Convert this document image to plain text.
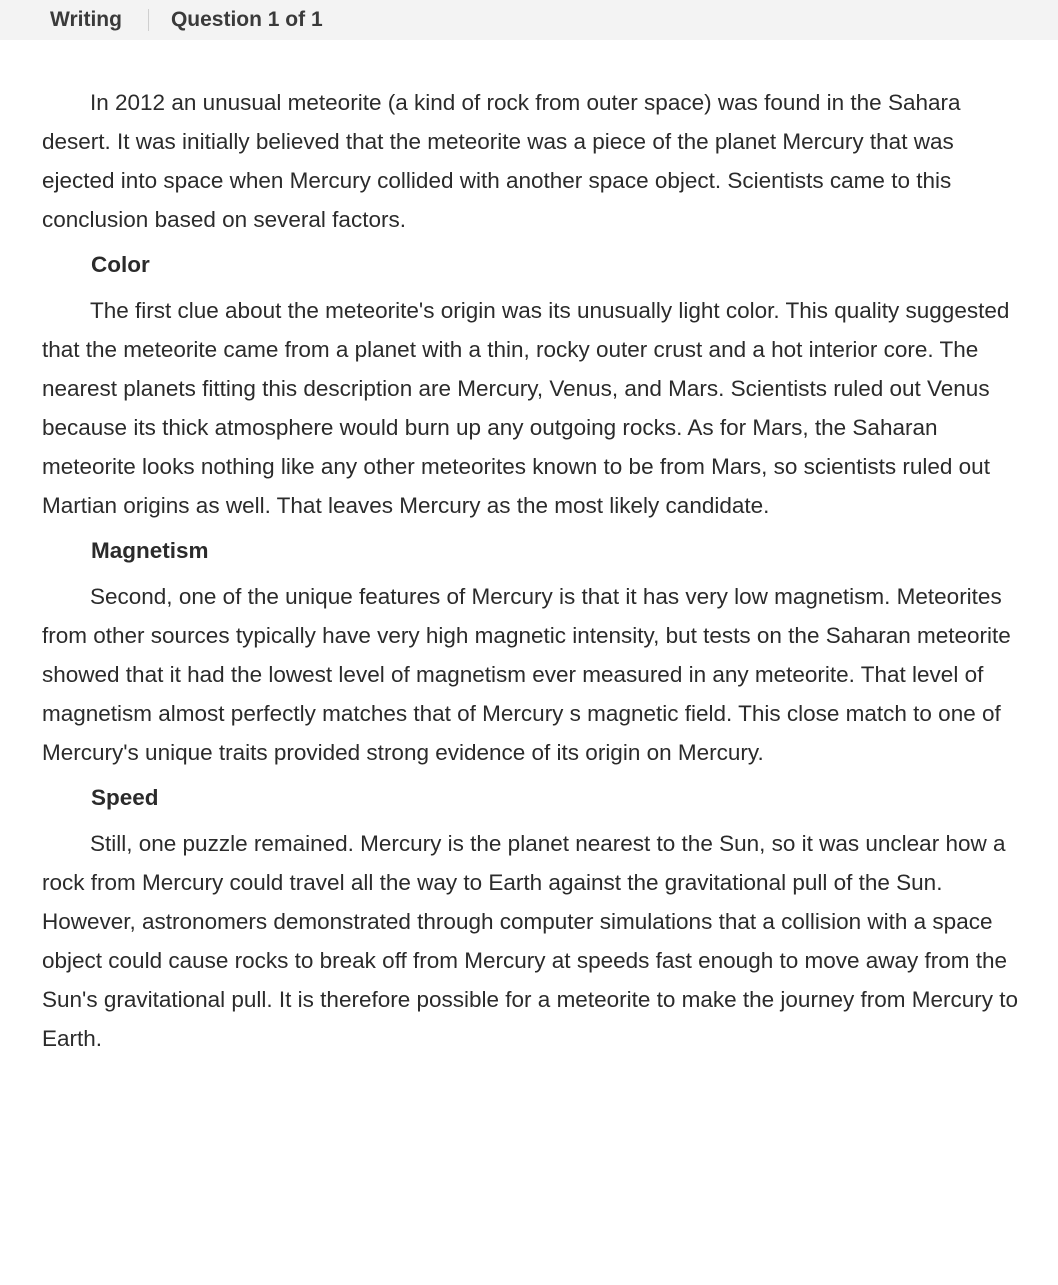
Writing Question 1 of 1

In 2012 an unusual meteorite (a kind of rock from outer space) was found in the Sahara desert. It was initially believed that the meteorite was a piece of the planet Mercury that was ejected into space when Mercury collided with another space object. Scientists came to this conclusion based on several factors.

Color

The first clue about the meteorite's origin was its unusually light color. This quality suggested that the meteorite came from a planet with a thin, rocky outer crust and a hot interior core. The nearest planets fitting this description are Mercury, Venus, and Mars. Scientists ruled out Venus because its thick atmosphere would burn up any outgoing rocks. As for Mars, the Saharan meteorite looks nothing like any other meteorites known to be from Mars, so scientists ruled out Martian origins as well. That leaves Mercury as the most likely candidate.

Magnetism

Second, one of the unique features of Mercury is that it has very low magnetism. Meteorites from other sources typically have very high magnetic intensity, but tests on the Saharan meteorite showed that it had the lowest level of magnetism ever measured in any meteorite. That level of magnetism almost perfectly matches that of Mercury s magnetic field. This close match to one of Mercury's unique traits provided strong evidence of its origin on Mercury.

Speed

Still, one puzzle remained. Mercury is the planet nearest to the Sun, so it was unclear how a rock from Mercury could travel all the way to Earth against the gravitational pull of the Sun. However, astronomers demonstrated through computer simulations that a collision with a space object could cause rocks to break off from Mercury at speeds fast enough to move away from the Sun's gravitational pull. It is therefore possible for a meteorite to make the journey from Mercury to Earth.
